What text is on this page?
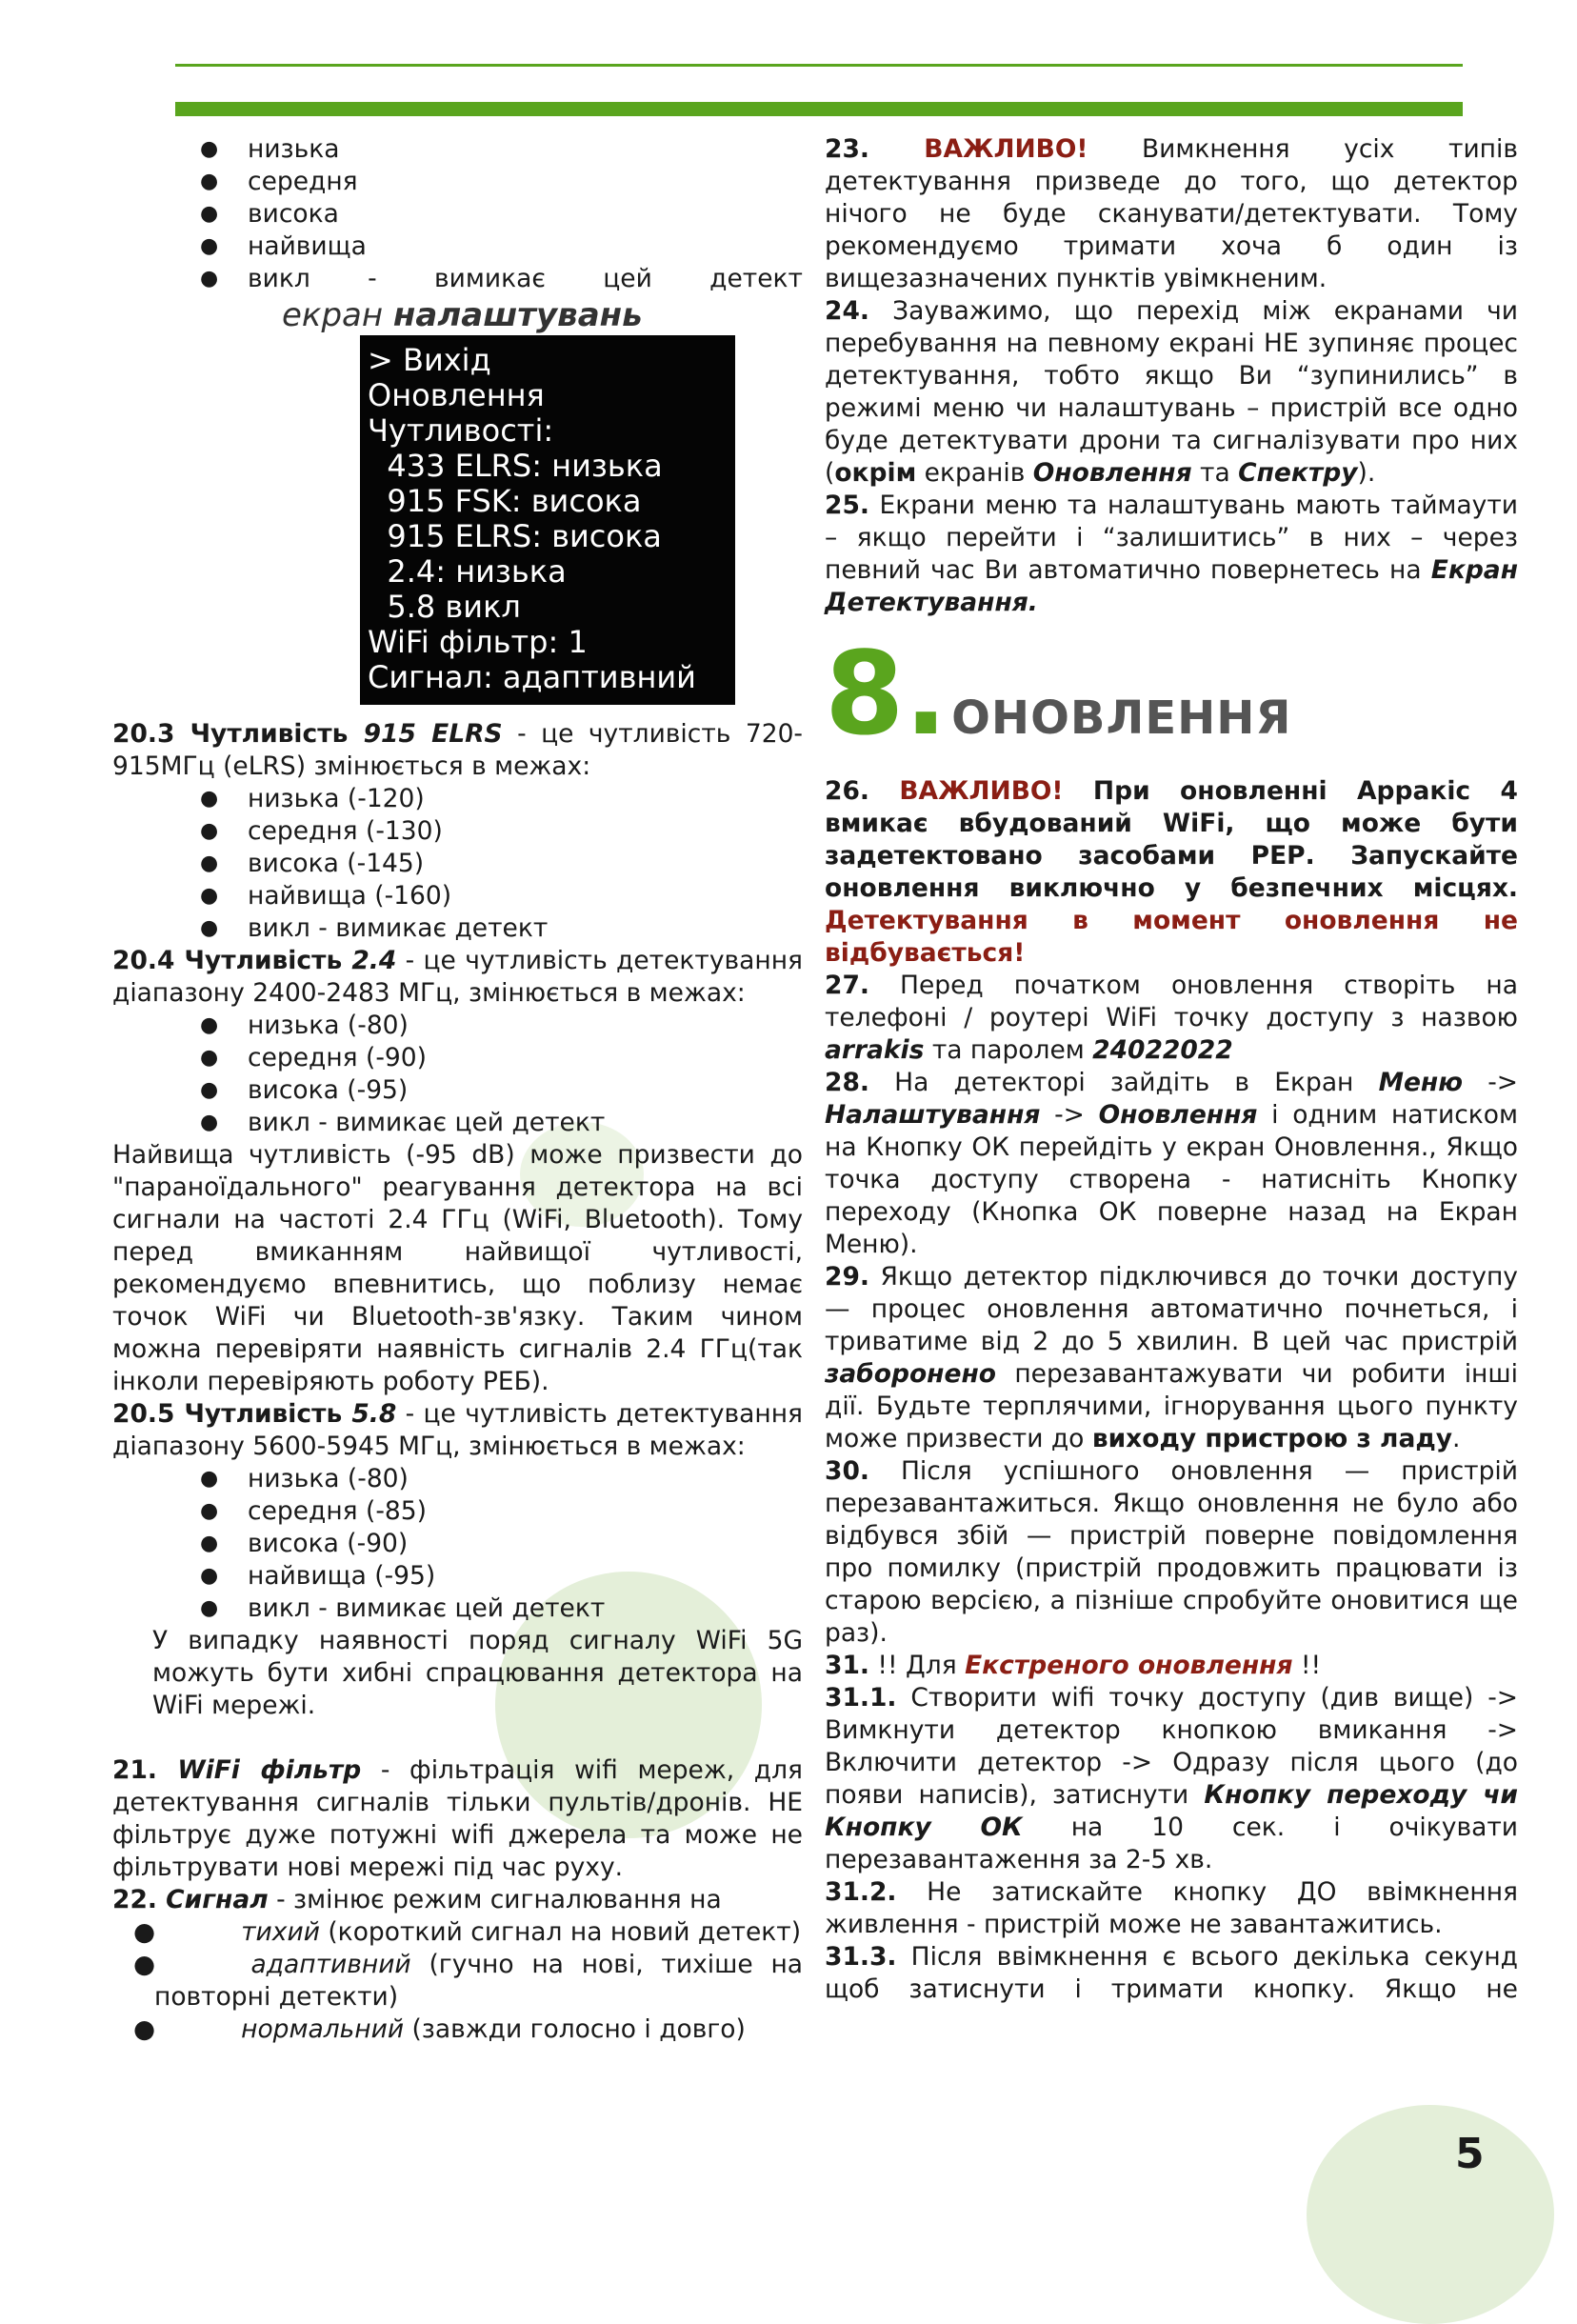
5
● низька
● середня
● висока
● найвища
● викл - вимикає цей детект
екран налаштувань
> Вихід
Оновлення
Чутливості:
433 ELRS: низька
915 FSK: висока
915 ELRS: висока
2.4: низька
5.8 викл
WiFi фільтр: 1
Сигнал: адаптивний

20.3 Чутливість 915 ELRS - це чутливість 720-915МГц (eLRS) змінюється в межах:

● низька (-120)
● середня (-130)
● висока (-145)
● найвища (-160)
● викл - вимикає детект

20.4 Чутливість 2.4 - це чутливість детектування діапазону 2400-2483 МГц, змінюється в межах:

● низька (-80)
● середня (-90)
● висока (-95)
● викл - вимикає цей детект

Найвища чутливість (-95 dB) може призвести до "параноїдального" реагування детектора на всі сигнали на частоті 2.4 ГГц (WiFi, Bluetooth). Тому перед вмиканням найвищої чутливості, рекомендуємо впевнитись, що поблизу немає точок WiFi чи Bluetooth-зв'язку. Таким чином можна перевіряти наявність сигналів 2.4 ГГц(так інколи перевіряють роботу РЕБ).

20.5 Чутливість 5.8 - це чутливість детектування діапазону 5600-5945 МГц, змінюється в межах:

● низька (-80)
● середня (-85)
● висока (-90)
● найвища (-95)
● викл - вимикає цей детект

У випадку наявності поряд сигналу WiFi 5G можуть бути хибні спрацювання детектора на WiFi мережі.

21. WiFi фільтр - фільтрація wifi мереж, для детектування сигналів тільки пультів/дронів. НЕ фільтрує дуже потужні wifi джерела та може не фільтрувати нові мережі під час руху.

22. Сигнал - змінює режим сигналювання на

●	тихий (короткий сигнал на новий детект)

●	адаптивний (гучно на нові, тихіше на повторні детекти)

●	нормальний (завжди голосно і довго)

23. ВАЖЛИВО! Вимкнення усіх типів детектування призведе до того, що детектор нічого не буде сканувати/детектувати. Тому рекомендуємо тримати хоча б один із вищезазначених пунктів увімкненим.

24. Зауважимо, що перехід між екранами чи перебування на певному екрані НЕ зупиняє процес детектування, тобто якщо Ви “зупинились” в режимі меню чи налаштувань – пристрій все одно буде детектувати дрони та сигналізувати про них (окрім екранів Оновлення та Спектру).

25. Екрани меню та налаштувань мають таймаути – якщо перейти і “залишитись” в них – через певний час Ви автоматично повернетесь на Екран Детектування.

8 . ОНОВЛЕННЯ

26. ВАЖЛИВО! При оновленні Арракіс 4 вмикає вбудований WiFi, що може бути задетектовано засобами РЕР. Запускайте оновлення виключно у безпечних місцях. Детектування в момент оновлення не відбувається!

27. Перед початком оновлення створіть на телефоні / роутері WiFi точку доступу з назвою arrakis та паролем 24022022

28. На детекторі зайдіть в Екран Меню -> Налаштування -> Оновлення і одним натиском на Кнопку ОК перейдіть у екран Оновлення., Якщо точка доступу створена - натисніть Кнопку переходу (Кнопка ОК поверне назад на Екран Меню).

29. Якщо детектор підключився до точки доступу — процес оновлення автоматично почнеться, і триватиме від 2 до 5 хвилин. В цей час пристрій заборонено перезавантажувати чи робити інші дії. Будьте терплячими, ігнорування цього пункту може призвести до виходу пристрою з ладу.

30. Після успішного оновлення — пристрій перезавантажиться. Якщо оновлення не було або відбувся збій — пристрій поверне повідомлення про помилку (пристрій продовжить працювати із старою версією, а пізніше спробуйте оновитися ще раз).

31. !! Для Екстреного оновлення !!

31.1. Створити wifi точку доступу (див вище) -> Вимкнути детектор кнопкою вмикання -> Включити детектор -> Одразу після цього (до появи написів), затиснути Кнопку переходу чи Кнопку ОК на 10 сек. і очікувати перезавантаження за 2-5 хв.

31.2. Не затискайте кнопку ДО ввімкнення живлення - пристрій може не завантажитись.

31.3. Після ввімкнення є всього декілька секунд щоб затиснути і тримати кнопку. Якщо не
